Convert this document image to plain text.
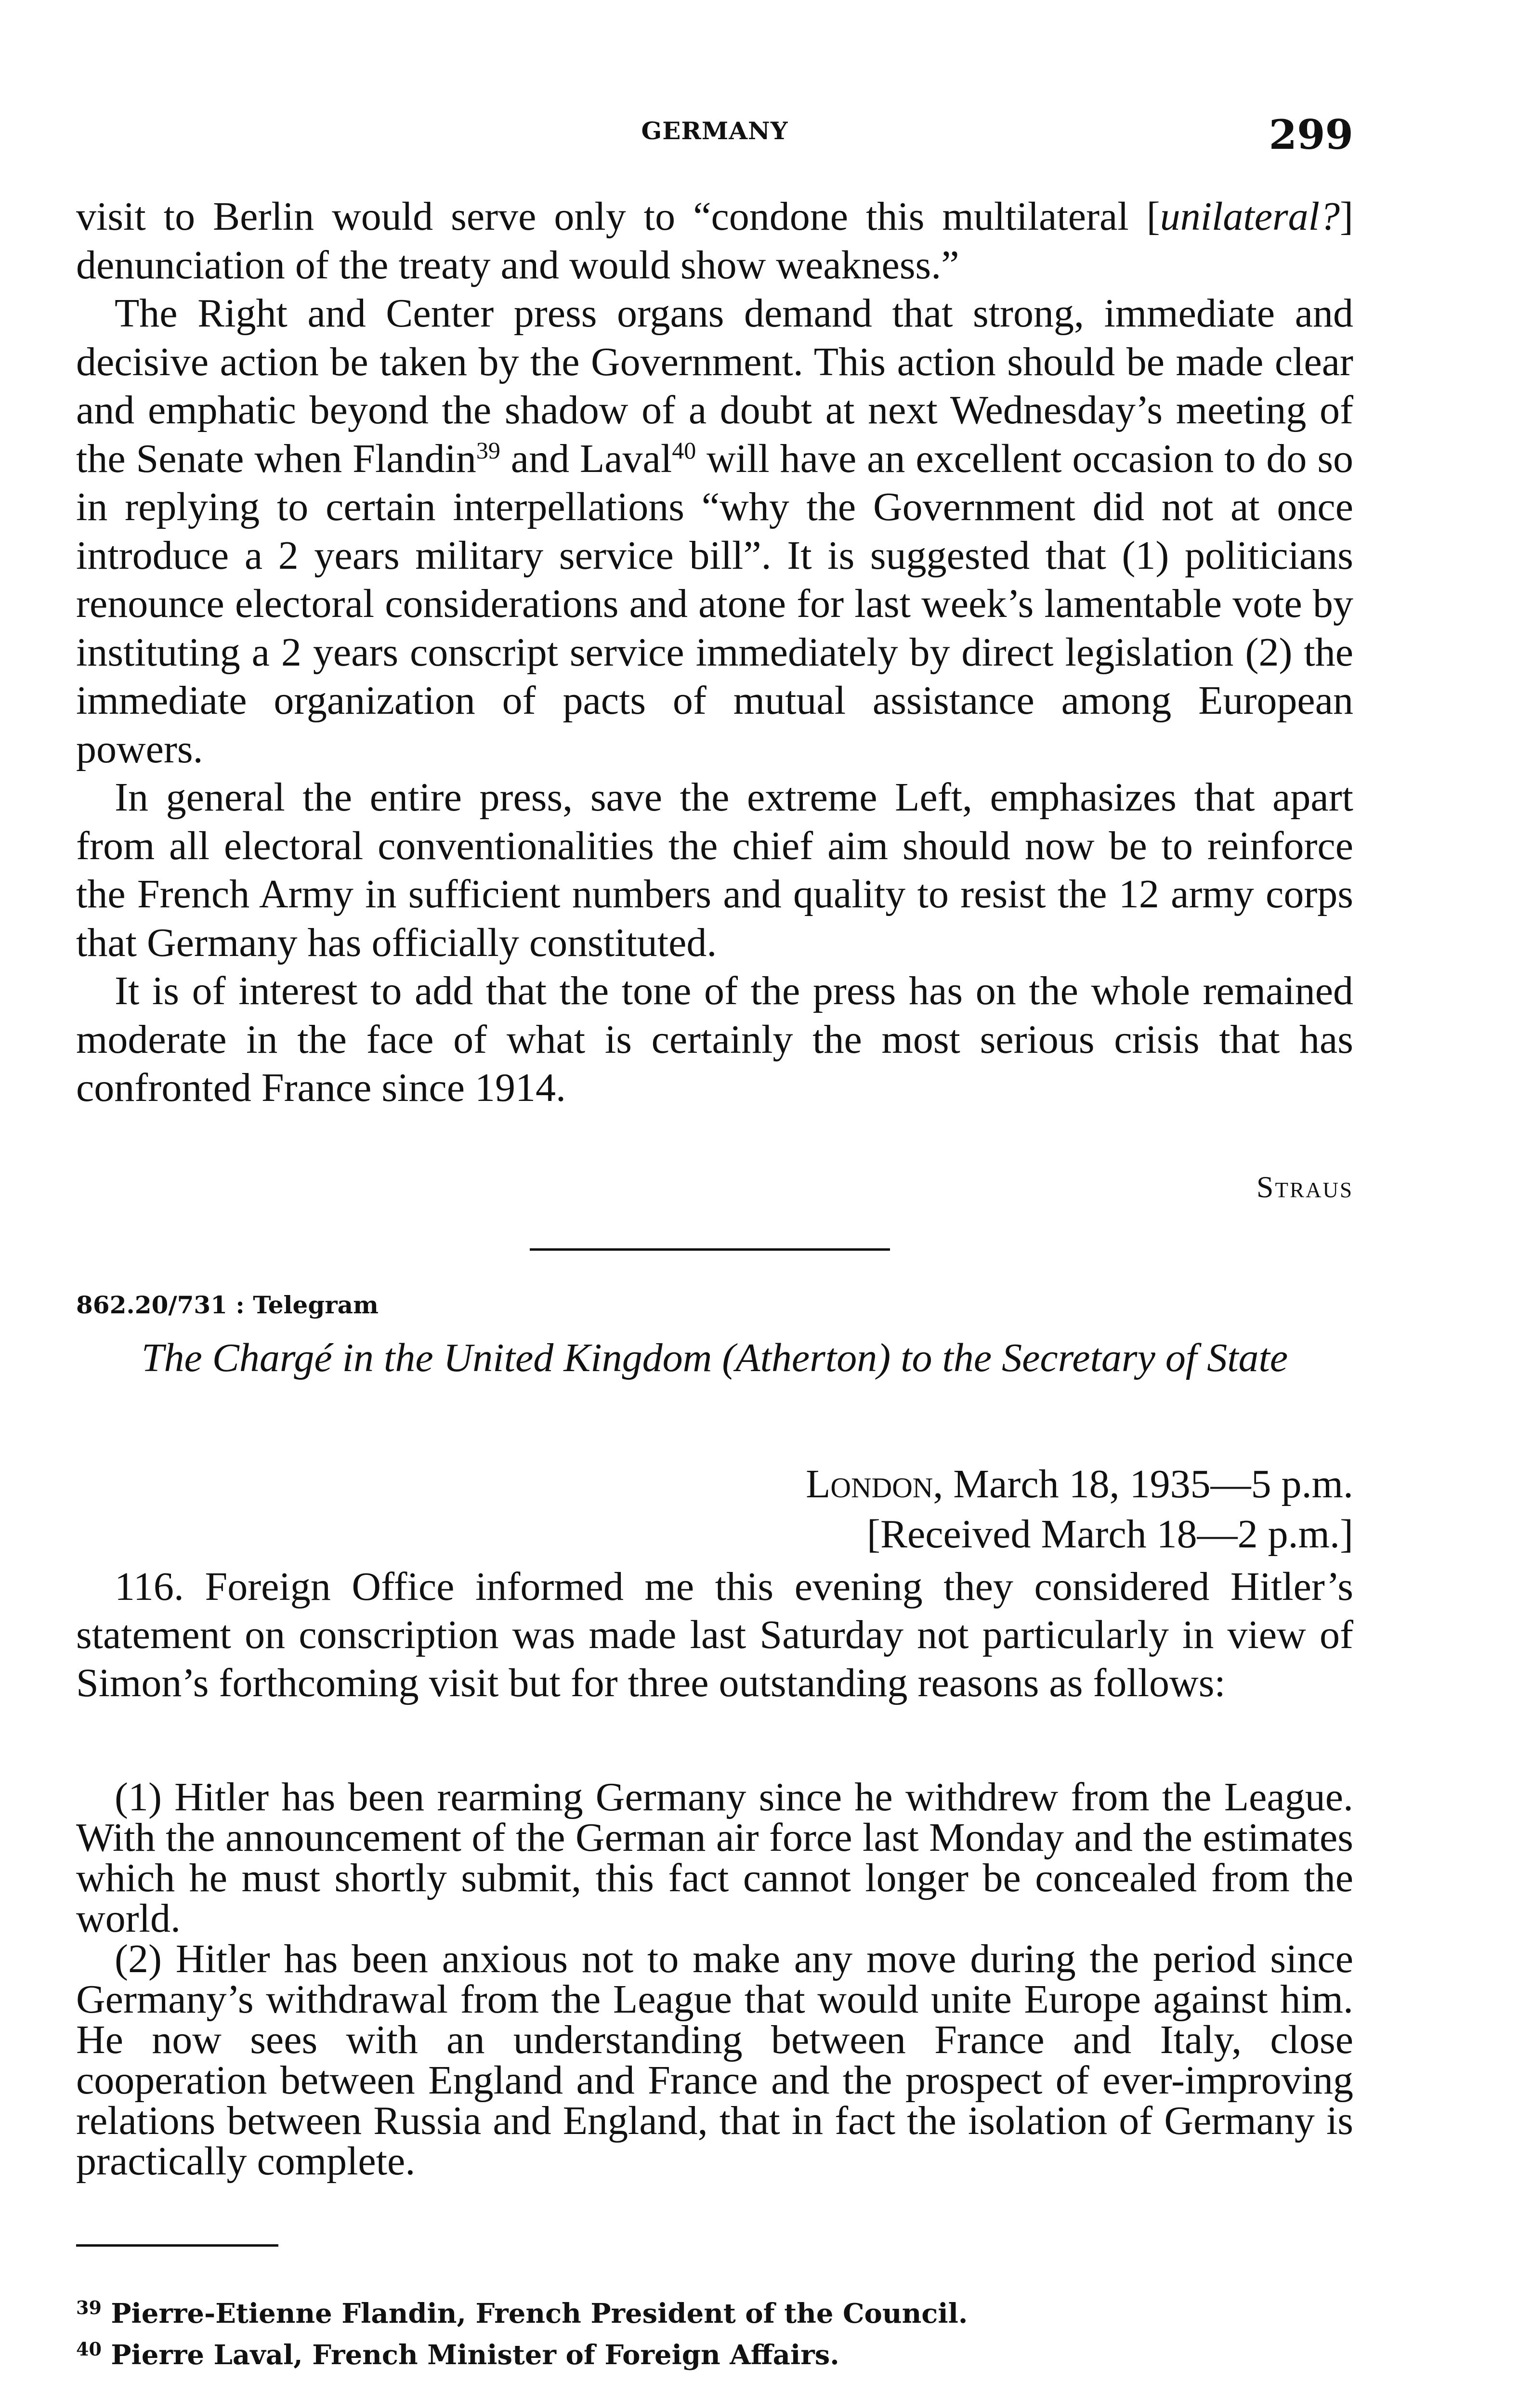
GERMANY	299

visit to Berlin would serve only to “condone this multilateral [unilateral?] denunciation of the treaty and would show weakness.”

The Right and Center press organs demand that strong, immediate and decisive action be taken by the Government. This action should be made clear and emphatic beyond the shadow of a doubt at next Wednesday’s meeting of the Senate when Flandin$^{39}$ and Laval$^{40}$ will have an excellent occasion to do so in replying to certain interpellations “why the Government did not at once introduce a 2 years military service bill”. It is suggested that (1) politicians renounce electoral considerations and atone for last week’s lamentable vote by instituting a 2 years conscript service immediately by direct legislation (2) the immediate organization of pacts of mutual assistance among European powers.

In general the entire press, save the extreme Left, emphasizes that apart from all electoral conventionalities the chief aim should now be to reinforce the French Army in sufficient numbers and quality to resist the 12 army corps that Germany has officially constituted.

It is of interest to add that the tone of the press has on the whole remained moderate in the face of what is certainly the most serious crisis that has confronted France since 1914.

Straus
862.20/731 : Telegram
The Chargé in the United Kingdom (Atherton) to the Secretary of State
London, March 18, 1935—5 p.m.
[Received March 18—2 p.m.]

116. Foreign Office informed me this evening they considered Hitler’s statement on conscription was made last Saturday not particularly in view of Simon’s forthcoming visit but for three outstanding reasons as follows:

(1) Hitler has been rearming Germany since he withdrew from the League. With the announcement of the German air force last Monday and the estimates which he must shortly submit, this fact cannot longer be concealed from the world.

(2) Hitler has been anxious not to make any move during the period since Germany’s withdrawal from the League that would unite Europe against him. He now sees with an understanding between France and Italy, close cooperation between England and France and the prospect of ever-improving relations between Russia and England, that in fact the isolation of Germany is practically complete.

$^{39}$ Pierre-Etienne Flandin, French President of the Council.

$^{40}$ Pierre Laval, French Minister of Foreign Affairs.
